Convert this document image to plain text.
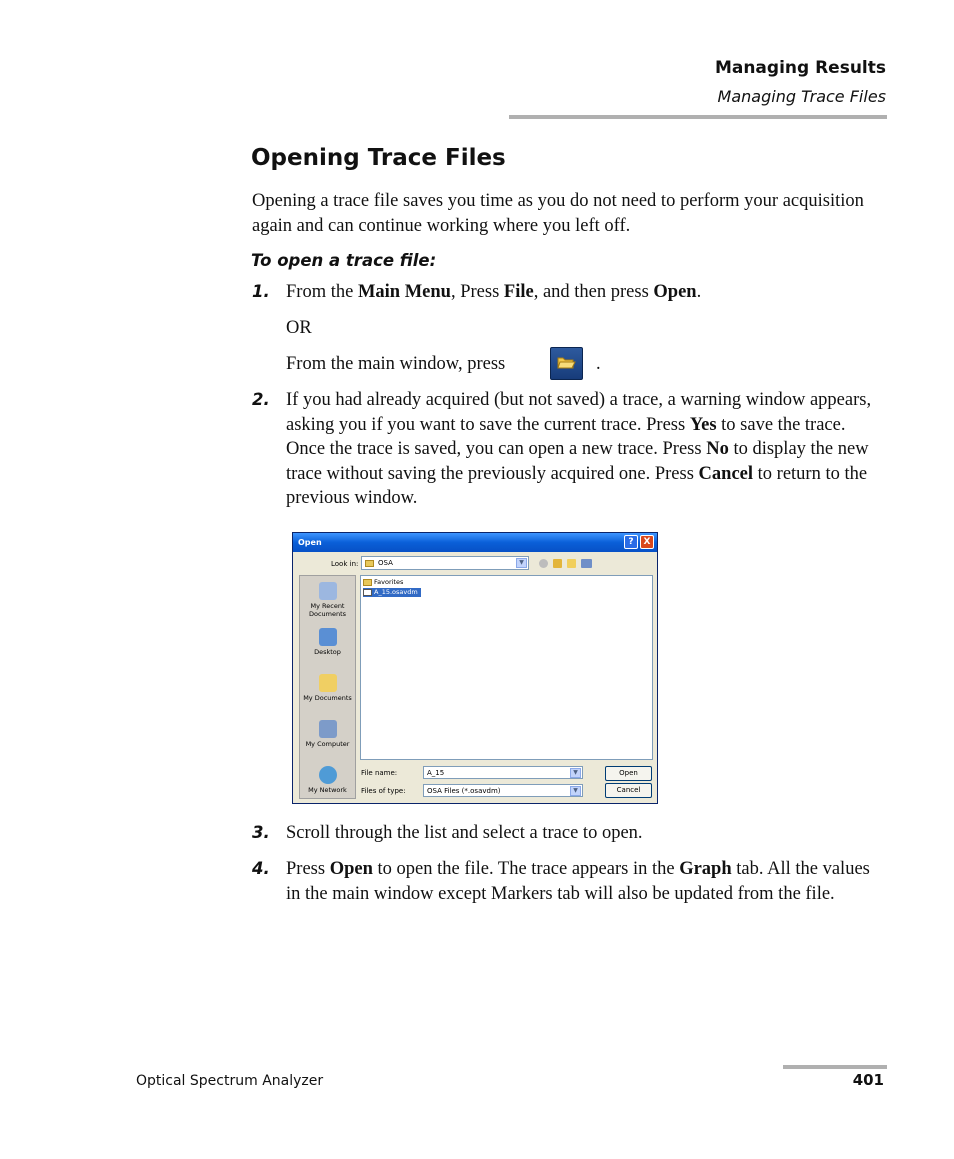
Managing Results
Managing Trace Files
Opening Trace Files
Opening a trace file saves you time as you do not need to perform your acquisition again and can continue working where you left off.
To open a trace file:
1. From the Main Menu, Press File, and then press Open.
OR
From the main window, press	.
2. If you had already acquired (but not saved) a trace, a warning window appears, asking you if you want to save the current trace. Press Yes to save the trace. Once the trace is saved, you can open a new trace. Press No to display the new trace without saving the previously acquired one. Press Cancel to return to the previous window.
Open	?	X
Look in:	OSA	▼
My Recent Documents
Desktop
My Documents
My Computer
My Network
Favorites
A_15.osavdm
File name:	A_15	▼
Files of type:	OSA Files (*.osavdm)	▼
Open
Cancel
3. Scroll through the list and select a trace to open.
4. Press Open to open the file. The trace appears in the Graph tab. All the values in the main window except Markers tab will also be updated from the file.
Optical Spectrum Analyzer	401
